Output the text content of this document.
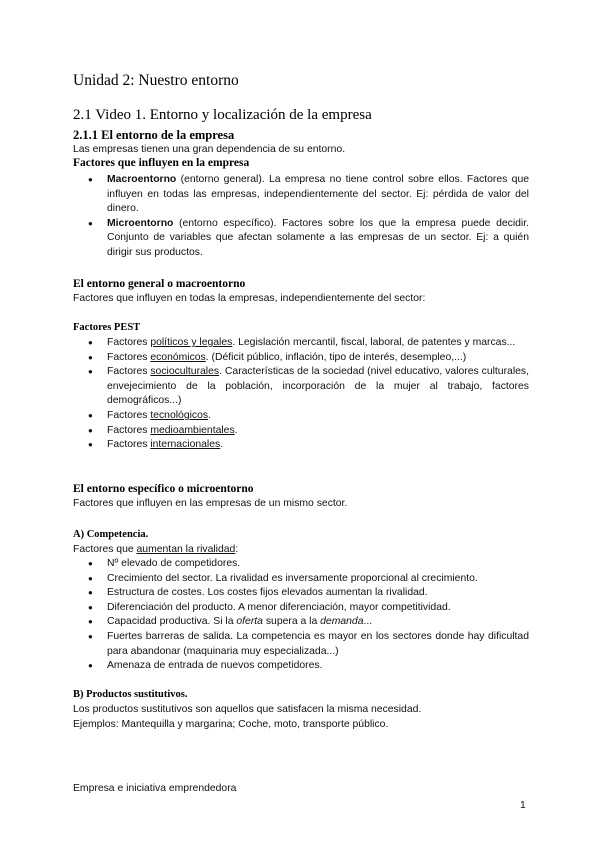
Unidad 2: Nuestro entorno
2.1 Video 1. Entorno y localización de la empresa
2.1.1 El entorno de la empresa

Las empresas tienen una gran dependencia de su entorno.

Factores que influyen en la empresa
● Macroentorno (entorno general). La empresa no tiene control sobre ellos. Factores que influyen en todas las empresas, independientemente del sector. Ej: pérdida de valor del dinero.
● Microentorno (entorno específico). Factores sobre los que la empresa puede decidir. Conjunto de variables que afectan solamente a las empresas de un sector. Ej: a quién dirigir sus productos.
El entorno general o macroentorno

Factores que influyen en todas la empresas, independientemente del sector:

Factores PEST
● Factores políticos y legales. Legislación mercantil, fiscal, laboral, de patentes y marcas...
● Factores económicos. (Déficit público, inflación, tipo de interés, desempleo,...)
● Factores socioculturales. Características de la sociedad (nivel educativo, valores culturales, envejecimiento de la población, incorporación de la mujer al trabajo, factores demográficos...)
● Factores tecnológicos.
● Factores medioambientales.
● Factores internacionales.
El entorno específico o microentorno

Factores que influyen en las empresas de un mismo sector.

A) Competencia.

Factores que aumentan la rivalidad:

● Nº elevado de competidores.
● Crecimiento del sector. La rivalidad es inversamente proporcional al crecimiento.
● Estructura de costes. Los costes fijos elevados aumentan la rivalidad.
● Diferenciación del producto. A menor diferenciación, mayor competitividad.
● Capacidad productiva. Si la oferta supera a la demanda...
● Fuertes barreras de salida. La competencia es mayor en los sectores donde hay dificultad para abandonar (maquinaria muy especializada...)
● Amenaza de entrada de nuevos competidores.
B) Productos sustitutivos.

Los productos sustitutivos son aquellos que satisfacen la misma necesidad.

Ejemplos: Mantequilla y margarina; Coche, moto, transporte público.

Empresa e iniciativa emprendedora
1
